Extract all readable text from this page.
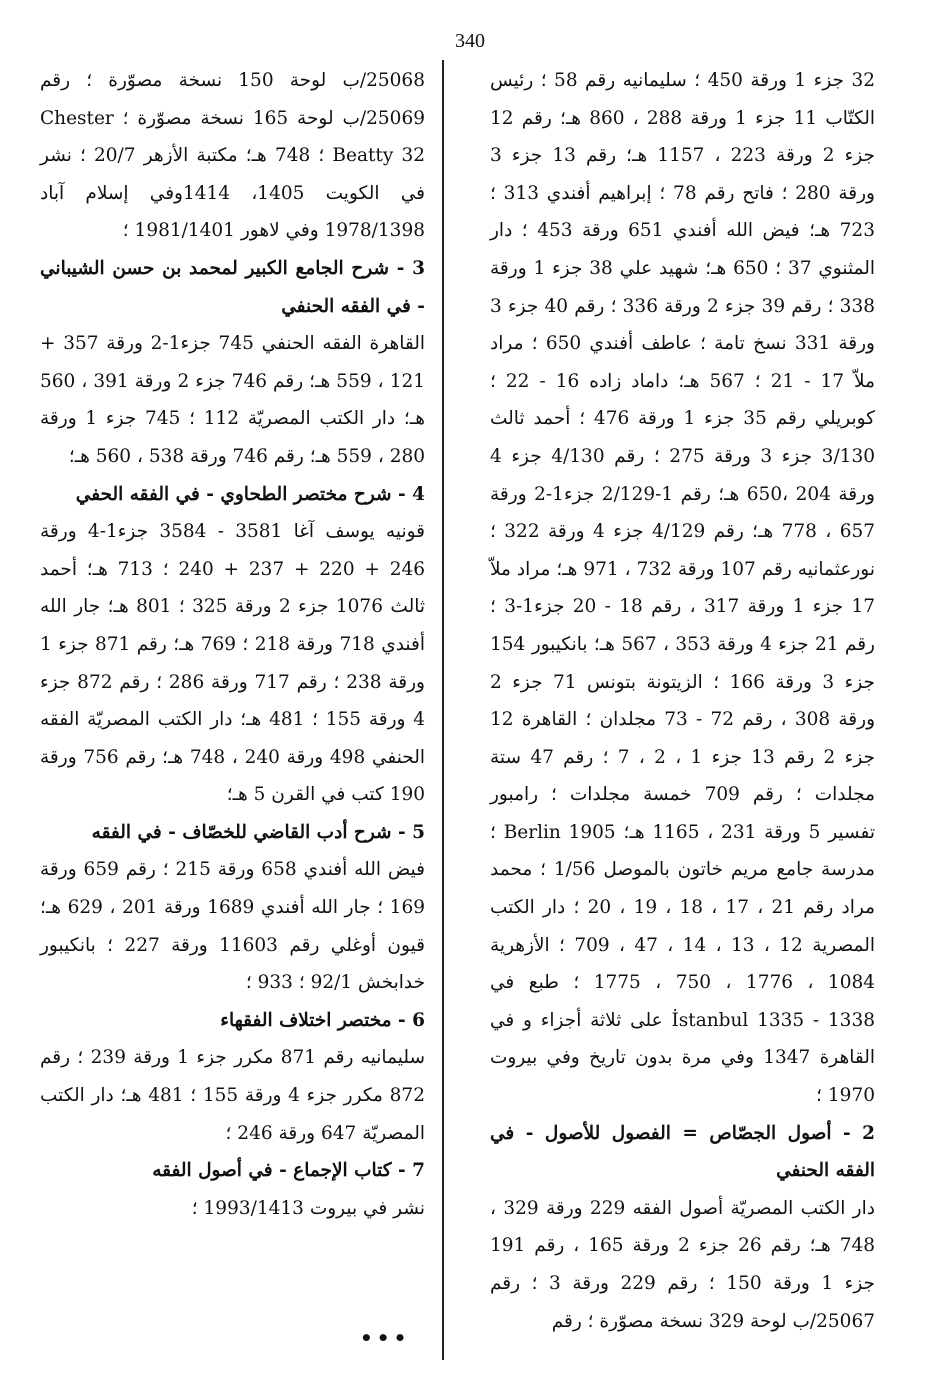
340

32 جزء 1 ورقة 450 ؛ سليمانيه رقم 58 ؛ رئيس الكتّاب 11 جزء 1 ورقة 288 ، 860 هـ؛ رقم 12 جزء 2 ورقة 223 ، 1157 هـ؛ رقم 13 جزء 3 ورقة 280 ؛ فاتح رقم 78 ؛ إبراهيم أفندي 313 ؛ 723 هـ؛ فيض الله أفندي 651 ورقة 453 ؛ دار المثنوي 37 ؛ 650 هـ؛ شهيد علي 38 جزء 1 ورقة 338 ؛ رقم 39 جزء 2 ورقة 336 ؛ رقم 40 جزء 3 ورقة 331 نسخ تامة ؛ عاطف أفندي 650 ؛ مراد ملاّ 17 - 21 ؛ 567 هـ؛ داماد زاده 16 - 22 ؛ كوبريلي رقم 35 جزء 1 ورقة 476 ؛ أحمد ثالث 3/130 جزء 3 ورقة 275 ؛ رقم 4/130 جزء 4 ورقة 204 ،650 هـ؛ رقم 1-2/129 جزء1-2 ورقة 657 ، 778 هـ؛ رقم 4/129 جزء 4 ورقة 322 ؛ نورعثمانيه رقم 107 ورقة 732 ، 971 هـ؛ مراد ملاّ 17 جزء 1 ورقة 317 ، رقم 18 - 20 جزء1-3 ؛ رقم 21 جزء 4 ورقة 353 ، 567 هـ؛ بانكيبور 154 جزء 3 ورقة 166 ؛ الزيتونة بتونس 71 جزء 2 ورقة 308 ، رقم 72 - 73 مجلدان ؛ القاهرة 12 جزء 2 رقم 13 جزء 1 ، 2 ، 7 ؛ رقم 47 ستة مجلدات ؛ رقم 709 خمسة مجلدات ؛ رامبور تفسير 5 ورقة 231 ، 1165 هـ؛ Berlin 1905 ؛ مدرسة جامع مريم خاتون بالموصل 1/56 ؛ محمد مراد رقم 21 ، 17 ، 18 ، 19 ، 20 ؛ دار الكتب المصرية 12 ، 13 ، 14 ، 47 ، 709 ؛ الأزهرية 1084 ، 1776 ، 750 ، 1775 ؛ طبع في İstanbul 1335 - 1338 على ثلاثة أجزاء و في القاهرة 1347 وفي مرة بدون تاريخ وفي بيروت 1970 ؛

2 - أصول الجصّاص = الفصول للأصول - في الفقه الحنفي

دار الكتب المصريّة أصول الفقه 229 ورقة 329 ، 748 هـ؛ رقم 26 جزء 2 ورقة 165 ، رقم 191 جزء 1 ورقة 150 ؛ رقم 229 ورقة 3 ؛ رقم 25067/ب لوحة 329 نسخة مصوّرة ؛ رقم

25068/ب لوحة 150 نسخة مصوّرة ؛ رقم 25069/ب لوحة 165 نسخة مصوّرة ؛ Chester Beatty 32 ؛ 748 هـ؛ مكتبة الأزهر 20/7 ؛ نشر في الكويت 1405، 1414وفي إسلام آباد 1978/1398 وفي لاهور 1981/1401 ؛

3 - شرح الجامع الكبير لمحمد بن حسن الشيباني - في الفقه الحنفي

القاهرة الفقه الحنفي 745 جزء1-2 ورقة 357 + 121 ، 559 هـ؛ رقم 746 جزء 2 ورقة 391 ، 560 هـ؛ دار الكتب المصريّة 112 ؛ 745 جزء 1 ورقة 280 ، 559 هـ؛ رقم 746 ورقة 538 ، 560 هـ؛

4 - شرح مختصر الطحاوي - في الفقه الحفي

قونيه يوسف آغا 3581 - 3584 جزء1-4 ورقة 246 + 220 + 237 + 240 ؛ 713 هـ؛ أحمد ثالث 1076 جزء 2 ورقة 325 ؛ 801 هـ؛ جار الله أفندي 718 ورقة 218 ؛ 769 هـ؛ رقم 871 جزء 1 ورقة 238 ؛ رقم 717 ورقة 286 ؛ رقم 872 جزء 4 ورقة 155 ؛ 481 هـ؛ دار الكتب المصريّة الفقه الحنفي 498 ورقة 240 ، 748 هـ؛ رقم 756 ورقة 190 كتب في القرن 5 هـ؛

5 - شرح أدب القاضي للخصّاف - في الفقه

فيض الله أفندي 658 ورقة 215 ؛ رقم 659 ورقة 169 ؛ جار الله أفندي 1689 ورقة 201 ، 629 هـ؛ قيون أوغلي رقم 11603 ورقة 227 ؛ بانكيبور خدابخش 92/1 ؛ 933 ؛

6 - مختصر اختلاف الفقهاء

سليمانيه رقم 871 مكرر جزء 1 ورقة 239 ؛ رقم 872 مكرر جزء 4 ورقة 155 ؛ 481 هـ؛ دار الكتب المصريّة 647 ورقة 246 ؛

7 - كتاب الإجماع - في أصول الفقه

نشر في بيروت 1993/1413 ؛

•••
